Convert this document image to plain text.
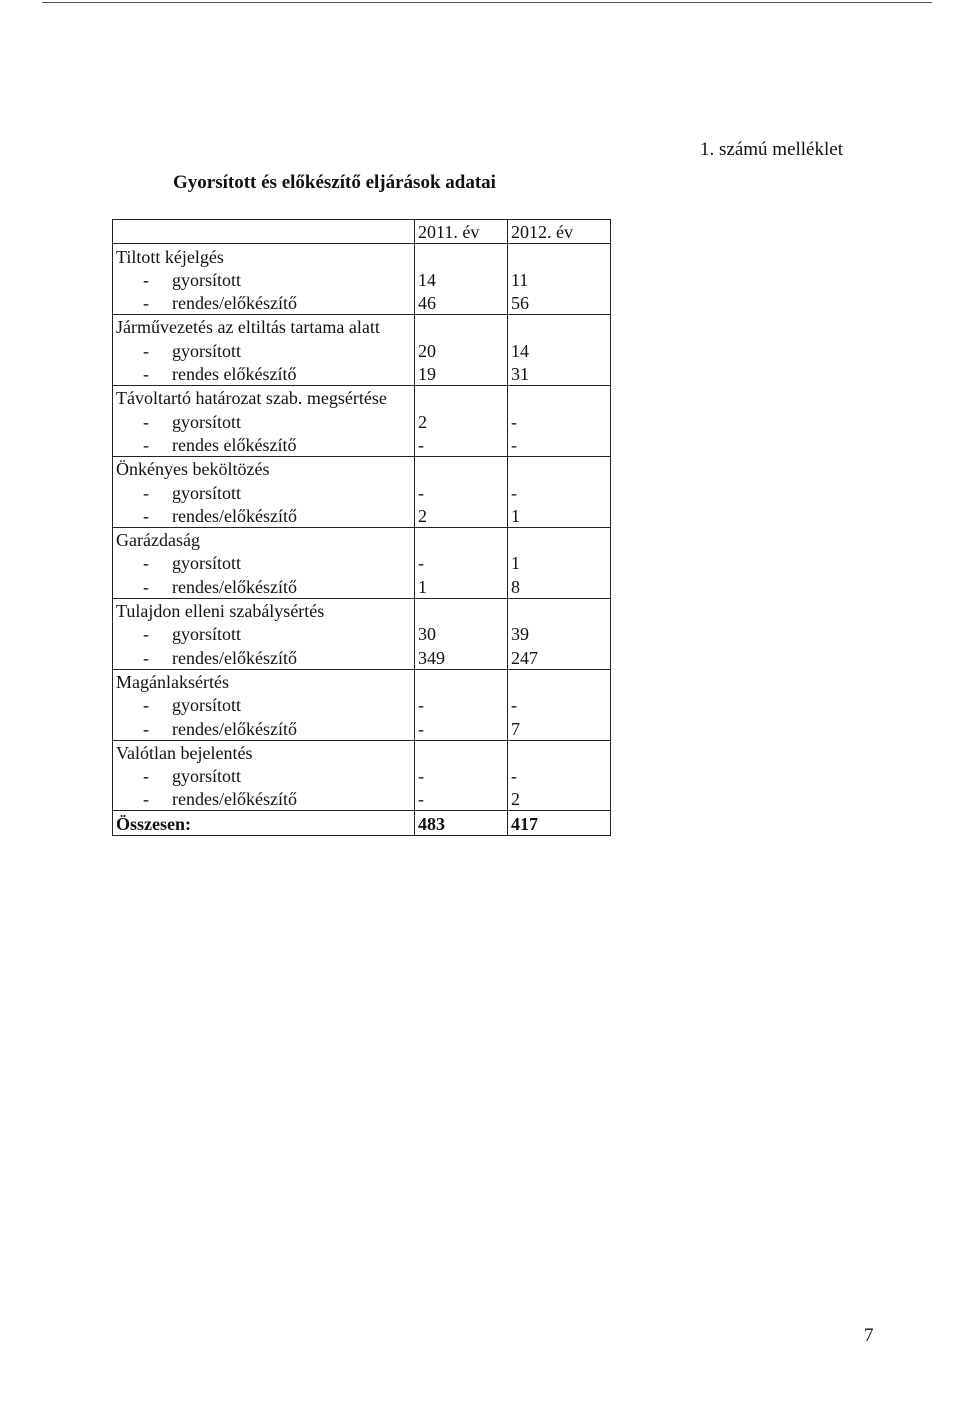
1. számú melléklet
Gyorsított és előkészítő eljárások adatai
	2011. év	2012. év
Tiltott kéjelgés		
- gyorsított	14	11
- rendes/előkészítő	46	56
Járművezetés az eltiltás tartama alatt		
- gyorsított	20	14
- rendes előkészítő	19	31
Távoltartó határozat szab. megsértése		
- gyorsított	2	-
- rendes előkészítő	-	-
Önkényes beköltözés		
- gyorsított	-	-
- rendes/előkészítő	2	1
Garázdaság		
- gyorsított	-	1
- rendes/előkészítő	1	8
Tulajdon elleni szabálysértés		
- gyorsított	30	39
- rendes/előkészítő	349	247
Magánlaksértés		
- gyorsított	-	-
- rendes/előkészítő	-	7
Valótlan bejelentés		
- gyorsított	-	-
- rendes/előkészítő	-	2
Összesen:	483	417
7
